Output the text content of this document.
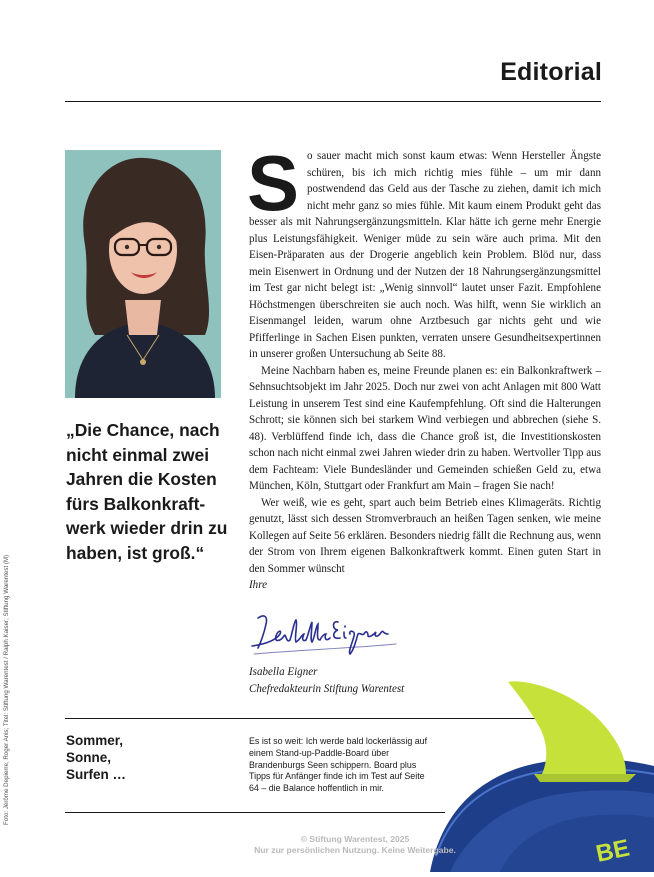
Editorial
„Die Chance, nach nicht einmal zwei Jahren die Kosten fürs Balkonkraftwerk wieder drin zu haben, ist groß.“
Foto: Jérôme Depierre; Roger Anis; Titel: Stiftung Warentest / Ralph Kaiser; Stiftung Warentest (M)

So sauer macht mich sonst kaum etwas: Wenn Hersteller Ängste schüren, bis ich mich richtig mies fühle – um mir dann postwendend das Geld aus der Tasche zu ziehen, damit ich mich nicht mehr ganz so mies fühle. Mit kaum einem Produkt geht das besser als mit Nahrungsergänzungsmitteln. Klar hätte ich gerne mehr Energie plus Leistungsfähigkeit. Weniger müde zu sein wäre auch prima. Mit den Eisen-Präparaten aus der Drogerie angeblich kein Problem. Blöd nur, dass mein Eisenwert in Ordnung und der Nutzen der 18 Nahrungsergänzungsmittel im Test gar nicht belegt ist: „Wenig sinnvoll“ lautet unser Fazit. Empfohlene Höchstmengen überschreiten sie auch noch. Was hilft, wenn Sie wirklich an Eisenmangel leiden, warum ohne Arztbesuch gar nichts geht und wie Pfifferlinge in Sachen Eisen punkten, verraten unsere Gesundheitsexpertinnen in unserer großen Untersuchung ab Seite 88.

Meine Nachbarn haben es, meine Freunde planen es: ein Balkonkraftwerk – Sehnsuchtsobjekt im Jahr 2025. Doch nur zwei von acht Anlagen mit 800 Watt Leistung in unserem Test sind eine Kaufempfehlung. Oft sind die Halterungen Schrott; sie können sich bei starkem Wind verbiegen und abbrechen (siehe S. 48). Verblüffend finde ich, dass die Chance groß ist, die Investitionskosten schon nach nicht einmal zwei Jahren wieder drin zu haben. Wertvoller Tipp aus dem Fachteam: Viele Bundesländer und Gemeinden schießen Geld zu, etwa München, Köln, Stuttgart oder Frankfurt am Main – fragen Sie nach!

Wer weiß, wie es geht, spart auch beim Betrieb eines Klimageräts. Richtig genutzt, lässt sich dessen Stromverbrauch an heißen Tagen senken, wie meine Kollegen auf Seite 56 erklären. Besonders niedrig fällt die Rechnung aus, wenn der Strom von Ihrem eigenen Balkonkraftwerk kommt. Einen guten Start in den Sommer wünscht

Ihre
Isabella Eigner
Chefredakteurin Stiftung Warentest
Sommer,
Sonne,
Surfen …
Es ist so weit: Ich werde bald lockerlässig auf einem Stand-up-Paddle-Board über Brandenburgs Seen schippern. Board plus Tipps für Anfänger finde ich im Test auf Seite 64 – die Balance hoffentlich in mir.
BE
© Stiftung Warentest, 2025
Nur zur persönlichen Nutzung. Keine Weitergabe.
